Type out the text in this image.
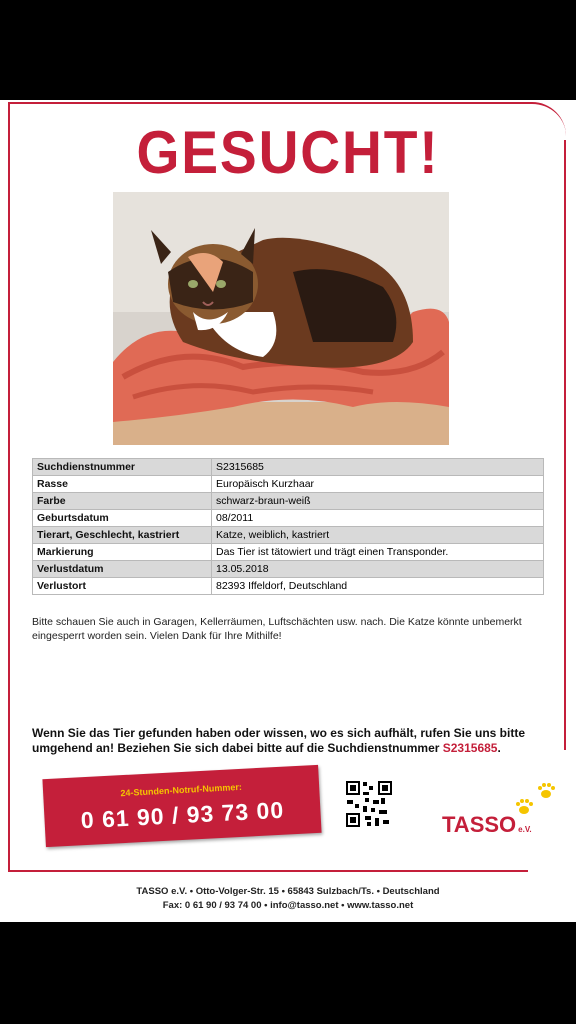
GESUCHT!
Suchdienstnummer	S2315685
Rasse	Europäisch Kurzhaar
Farbe	schwarz-braun-weiß
Geburtsdatum	08/2011
Tierart, Geschlecht, kastriert	Katze, weiblich, kastriert
Markierung	Das Tier ist tätowiert und trägt einen Transponder.
Verlustdatum	13.05.2018
Verlustort	82393 Iffeldorf, Deutschland
Bitte schauen Sie auch in Garagen, Kellerräumen, Luftschächten usw. nach. Die Katze könnte unbemerkt eingesperrt worden sein. Vielen Dank für Ihre Mithilfe!
Wenn Sie das Tier gefunden haben oder wissen, wo es sich aufhält, rufen Sie uns bitte umgehend an! Beziehen Sie sich dabei bitte auf die Suchdienstnummer S2315685.
24-Stunden-Notruf-Nummer:
0 61 90 / 93 73 00	TASSO e.V.
TASSO e.V. • Otto-Volger-Str. 15 • 65843 Sulzbach/Ts. • Deutschland
Fax: 0 61 90 / 93 74 00 • info@tasso.net • www.tasso.net
